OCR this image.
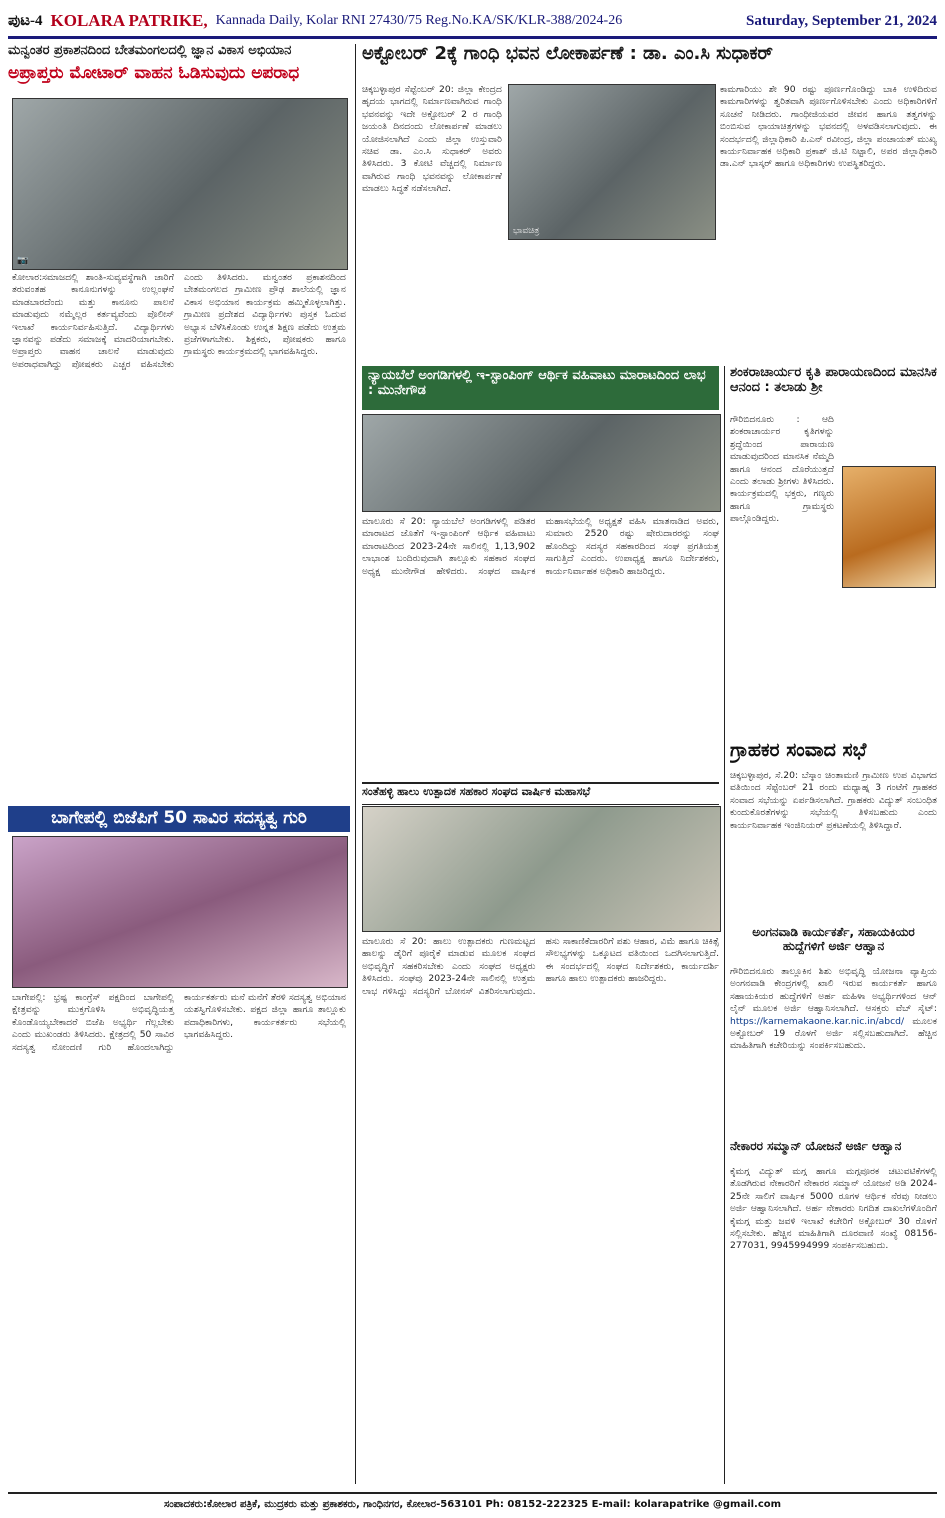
ಪುಟ-4 KOLARA PATRIKE, Kannada Daily, Kolar RNI 27430/75 Reg.No.KA/SK/KLR-388/2024-26	Saturday, September 21, 2024
ಮನ್ವಂತರ ಪ್ರಕಾಶನದಿಂದ ಬೇತಮಂಗಲದಲ್ಲಿ ಜ್ಞಾನ ವಿಕಾಸ ಅಭಿಯಾನ
ಅಪ್ರಾಪ್ತರು ಮೋಟಾರ್ ವಾಹನ ಓಡಿಸುವುದು ಅಪರಾಧ
📷
ಕೋಲಾರ:ಸಮಾಜದಲ್ಲಿ ಶಾಂತಿ-ಸುವ್ಯವಸ್ಥೆಗಾಗಿ ಜಾರಿಗೆ ತರುವಂತಹ ಕಾನೂನುಗಳನ್ನು ಉಲ್ಲಂಘನೆ ಮಾಡಬಾರದೆಂದು ಮತ್ತು ಕಾನೂನು ಪಾಲನೆ ಮಾಡುವುದು ನಮ್ಮೆಲ್ಲರ ಕರ್ತವ್ಯವೆಂದು ಪೊಲೀಸ್ ಇಲಾಖೆ ಕಾರ್ಯನಿರ್ವಹಿಸುತ್ತಿದೆ. ವಿದ್ಯಾರ್ಥಿಗಳು ಜ್ಞಾನವನ್ನು ಪಡೆದು ಸಮಾಜಕ್ಕೆ ಮಾದರಿಯಾಗಬೇಕು. ಅಪ್ರಾಪ್ತರು ವಾಹನ ಚಾಲನೆ ಮಾಡುವುದು ಅಪರಾಧವಾಗಿದ್ದು ಪೋಷಕರು ಎಚ್ಚರ ವಹಿಸಬೇಕು ಎಂದು ತಿಳಿಸಿದರು. ಮನ್ವಂತರ ಪ್ರಕಾಶನದಿಂದ ಬೇತಮಂಗಲದ ಗ್ರಾಮೀಣ ಪ್ರೌಢ ಶಾಲೆಯಲ್ಲಿ ಜ್ಞಾನ ವಿಕಾಸ ಅಭಿಯಾನ ಕಾರ್ಯಕ್ರಮ ಹಮ್ಮಿಕೊಳ್ಳಲಾಗಿತ್ತು. ಗ್ರಾಮೀಣ ಪ್ರದೇಶದ ವಿದ್ಯಾರ್ಥಿಗಳು ಪುಸ್ತಕ ಓದುವ ಅಭ್ಯಾಸ ಬೆಳೆಸಿಕೊಂಡು ಉನ್ನತ ಶಿಕ್ಷಣ ಪಡೆದು ಉತ್ತಮ ಪ್ರಜೆಗಳಾಗಬೇಕು. ಶಿಕ್ಷಕರು, ಪೋಷಕರು ಹಾಗೂ ಗ್ರಾಮಸ್ಥರು ಕಾರ್ಯಕ್ರಮದಲ್ಲಿ ಭಾಗವಹಿಸಿದ್ದರು.
ಬಾಗೇಪಲ್ಲಿ ಬಿಜೆಪಿಗೆ 50 ಸಾವಿರ ಸದಸ್ಯತ್ವ ಗುರಿ
ಬಾಗೇಪಲ್ಲಿ: ಭ್ರಷ್ಟ ಕಾಂಗ್ರೆಸ್ ಪಕ್ಷದಿಂದ ಬಾಗೇಪಲ್ಲಿ ಕ್ಷೇತ್ರವನ್ನು ಮುಕ್ತಗೊಳಿಸಿ ಅಭಿವೃದ್ಧಿಯತ್ತ ಕೊಂಡೊಯ್ಯಬೇಕಾದರೆ ಬಿಜೆಪಿ ಅಭ್ಯರ್ಥಿ ಗೆಲ್ಲಬೇಕು ಎಂದು ಮುಖಂಡರು ತಿಳಿಸಿದರು. ಕ್ಷೇತ್ರದಲ್ಲಿ 50 ಸಾವಿರ ಸದಸ್ಯತ್ವ ನೋಂದಣಿ ಗುರಿ ಹೊಂದಲಾಗಿದ್ದು ಕಾರ್ಯಕರ್ತರು ಮನೆ ಮನೆಗೆ ತೆರಳಿ ಸದಸ್ಯತ್ವ ಅಭಿಯಾನ ಯಶಸ್ವಿಗೊಳಿಸಬೇಕು. ಪಕ್ಷದ ಜಿಲ್ಲಾ ಹಾಗೂ ತಾಲ್ಲೂಕು ಪದಾಧಿಕಾರಿಗಳು, ಕಾರ್ಯಕರ್ತರು ಸಭೆಯಲ್ಲಿ ಭಾಗವಹಿಸಿದ್ದರು.
ಅಕ್ಟೋಬರ್ 2ಕ್ಕೆ ಗಾಂಧಿ ಭವನ ಲೋಕಾರ್ಪಣೆ : ಡಾ. ಎಂ.ಸಿ ಸುಧಾಕರ್
ಚಿಕ್ಕಬಳ್ಳಾಪುರ ಸೆಪ್ಟೆಂಬರ್ 20: ಜಿಲ್ಲಾ ಕೇಂದ್ರದ ಹೃದಯ ಭಾಗದಲ್ಲಿ ನಿರ್ಮಾಣವಾಗಿರುವ ಗಾಂಧಿ ಭವನವನ್ನು ಇದೇ ಅಕ್ಟೋಬರ್ 2 ರ ಗಾಂಧಿ ಜಯಂತಿ ದಿನದಂದು ಲೋಕಾರ್ಪಣೆ ಮಾಡಲು ಯೋಜಿಸಲಾಗಿದೆ ಎಂದು ಜಿಲ್ಲಾ ಉಸ್ತುವಾರಿ ಸಚಿವ ಡಾ. ಎಂ.ಸಿ ಸುಧಾಕರ್ ಅವರು ತಿಳಿಸಿದರು. 3 ಕೋಟಿ ವೆಚ್ಚದಲ್ಲಿ ನಿರ್ಮಾಣ ವಾಗಿರುವ ಗಾಂಧಿ ಭವನವನ್ನು ಲೋಕಾರ್ಪಣೆ ಮಾಡಲು ಸಿದ್ಧತೆ ನಡೆಸಲಾಗಿದೆ.
ಭಾವಚಿತ್ರ
ಕಾಮಗಾರಿಯು ಶೇ 90 ರಷ್ಟು ಪೂರ್ಣಗೊಂಡಿದ್ದು ಬಾಕಿ ಉಳಿದಿರುವ ಕಾಮಗಾರಿಗಳನ್ನು ತ್ವರಿತವಾಗಿ ಪೂರ್ಣಗೊಳಿಸಬೇಕು ಎಂದು ಅಧಿಕಾರಿಗಳಿಗೆ ಸೂಚನೆ ನೀಡಿದರು. ಗಾಂಧೀಜಿಯವರ ಜೀವನ ಹಾಗೂ ತತ್ವಗಳನ್ನು ಬಿಂಬಿಸುವ ಛಾಯಾಚಿತ್ರಗಳನ್ನು ಭವನದಲ್ಲಿ ಅಳವಡಿಸಲಾಗುವುದು. ಈ ಸಂದರ್ಭದಲ್ಲಿ ಜಿಲ್ಲಾಧಿಕಾರಿ ಪಿ.ಎನ್ ರವೀಂದ್ರ, ಜಿಲ್ಲಾ ಪಂಚಾಯತ್ ಮುಖ್ಯ ಕಾರ್ಯನಿರ್ವಾಹಕ ಅಧಿಕಾರಿ ಪ್ರಕಾಶ್ ಜಿ.ಟಿ ನಿಟ್ಟಾಲಿ, ಅಪರ ಜಿಲ್ಲಾಧಿಕಾರಿ ಡಾ.ಎನ್ ಭಾಸ್ಕರ್ ಹಾಗೂ ಅಧಿಕಾರಿಗಳು ಉಪಸ್ಥಿತರಿದ್ದರು.
ನ್ಯಾಯಬೆಲೆ ಅಂಗಡಿಗಳಲ್ಲಿ ಇ-ಸ್ಟಾಂಪಿಂಗ್ ಆರ್ಥಿಕ ವಹಿವಾಟು ಮಾರಾಟದಿಂದ ಲಾಭ : ಮುನೇಗೌಡ
ಮಾಲೂರು ಸೆ 20: ನ್ಯಾಯಬೆಲೆ ಅಂಗಡಿಗಳಲ್ಲಿ ಪಡಿತರ ಮಾರಾಟದ ಜೊತೆಗೆ ಇ-ಸ್ಟಾಂಪಿಂಗ್ ಆರ್ಥಿಕ ವಹಿವಾಟು ಮಾರಾಟದಿಂದ 2023-24ನೇ ಸಾಲಿನಲ್ಲಿ 1,13,902 ಲಾಭಾಂಶ ಬಂದಿರುವುದಾಗಿ ತಾಲ್ಲೂಕು ಸಹಕಾರ ಸಂಘದ ಅಧ್ಯಕ್ಷ ಮುನೇಗೌಡ ಹೇಳಿದರು. ಸಂಘದ ವಾರ್ಷಿಕ ಮಹಾಸಭೆಯಲ್ಲಿ ಅಧ್ಯಕ್ಷತೆ ವಹಿಸಿ ಮಾತನಾಡಿದ ಅವರು, ಸುಮಾರು 2520 ರಷ್ಟು ಷೇರುದಾರರನ್ನು ಸಂಘ ಹೊಂದಿದ್ದು ಸದಸ್ಯರ ಸಹಕಾರದಿಂದ ಸಂಘ ಪ್ರಗತಿಯತ್ತ ಸಾಗುತ್ತಿದೆ ಎಂದರು. ಉಪಾಧ್ಯಕ್ಷ ಹಾಗೂ ನಿರ್ದೇಶಕರು, ಕಾರ್ಯನಿರ್ವಾಹಕ ಅಧಿಕಾರಿ ಹಾಜರಿದ್ದರು.
ಸಂತೆಹಳ್ಳಿ ಹಾಲು ಉತ್ಪಾದಕ ಸಹಕಾರ ಸಂಘದ ವಾರ್ಷಿಕ ಮಹಾಸಭೆ
ಮಾಲೂರು ಸೆ 20: ಹಾಲು ಉತ್ಪಾದಕರು ಗುಣಮಟ್ಟದ ಹಾಲನ್ನು ಡೈರಿಗೆ ಪೂರೈಕೆ ಮಾಡುವ ಮೂಲಕ ಸಂಘದ ಅಭಿವೃದ್ಧಿಗೆ ಸಹಕರಿಸಬೇಕು ಎಂದು ಸಂಘದ ಅಧ್ಯಕ್ಷರು ತಿಳಿಸಿದರು. ಸಂಘವು 2023-24ನೇ ಸಾಲಿನಲ್ಲಿ ಉತ್ತಮ ಲಾಭ ಗಳಿಸಿದ್ದು ಸದಸ್ಯರಿಗೆ ಬೋನಸ್ ವಿತರಿಸಲಾಗುವುದು. ಹಸು ಸಾಕಾಣಿಕೆದಾರರಿಗೆ ಪಶು ಆಹಾರ, ವಿಮೆ ಹಾಗೂ ಚಿಕಿತ್ಸೆ ಸೌಲಭ್ಯಗಳನ್ನು ಒಕ್ಕೂಟದ ವತಿಯಿಂದ ಒದಗಿಸಲಾಗುತ್ತಿದೆ. ಈ ಸಂದರ್ಭದಲ್ಲಿ ಸಂಘದ ನಿರ್ದೇಶಕರು, ಕಾರ್ಯದರ್ಶಿ ಹಾಗೂ ಹಾಲು ಉತ್ಪಾದಕರು ಹಾಜರಿದ್ದರು.
ಶಂಕರಾಚಾರ್ಯರ ಕೃತಿ ಪಾರಾಯಣದಿಂದ ಮಾನಸಿಕ ಆನಂದ : ತಲಾಡು ಶ್ರೀ
ಗೌರಿಬಿದನೂರು : ಆದಿ ಶಂಕರಾಚಾರ್ಯರ ಕೃತಿಗಳನ್ನು ಶ್ರದ್ಧೆಯಿಂದ ಪಾರಾಯಣ ಮಾಡುವುದರಿಂದ ಮಾನಸಿಕ ನೆಮ್ಮದಿ ಹಾಗೂ ಆನಂದ ದೊರೆಯುತ್ತದೆ ಎಂದು ತಲಾಡು ಶ್ರೀಗಳು ತಿಳಿಸಿದರು. ಕಾರ್ಯಕ್ರಮದಲ್ಲಿ ಭಕ್ತರು, ಗಣ್ಯರು ಹಾಗೂ ಗ್ರಾಮಸ್ಥರು ಪಾಲ್ಗೊಂಡಿದ್ದರು.
ಗ್ರಾಹಕರ ಸಂವಾದ ಸಭೆ
ಚಿಕ್ಕಬಳ್ಳಾಪುರ, ಸೆ.20: ಬೆಸ್ಕಾಂ ಚಿಂತಾಮಣಿ ಗ್ರಾಮೀಣ ಉಪ ವಿಭಾಗದ ವತಿಯಿಂದ ಸೆಪ್ಟೆಂಬರ್ 21 ರಂದು ಮಧ್ಯಾಹ್ನ 3 ಗಂಟೆಗೆ ಗ್ರಾಹಕರ ಸಂವಾದ ಸಭೆಯನ್ನು ಏರ್ಪಡಿಸಲಾಗಿದೆ. ಗ್ರಾಹಕರು ವಿದ್ಯುತ್ ಸಂಬಂಧಿತ ಕುಂದುಕೊರತೆಗಳನ್ನು ಸಭೆಯಲ್ಲಿ ತಿಳಿಸಬಹುದು ಎಂದು ಕಾರ್ಯನಿರ್ವಾಹಕ ಇಂಜಿನಿಯರ್ ಪ್ರಕಟಣೆಯಲ್ಲಿ ತಿಳಿಸಿದ್ದಾರೆ.
ಅಂಗನವಾಡಿ ಕಾರ್ಯಕರ್ತೆ, ಸಹಾಯಕಿಯರ ಹುದ್ದೆಗಳಿಗೆ ಅರ್ಜಿ ಆಹ್ವಾನ
ಗೌರಿಬಿದನೂರು ತಾಲ್ಲೂಕಿನ ಶಿಶು ಅಭಿವೃದ್ಧಿ ಯೋಜನಾ ವ್ಯಾಪ್ತಿಯ ಅಂಗನವಾಡಿ ಕೇಂದ್ರಗಳಲ್ಲಿ ಖಾಲಿ ಇರುವ ಕಾರ್ಯಕರ್ತೆ ಹಾಗೂ ಸಹಾಯಕಿಯರ ಹುದ್ದೆಗಳಿಗೆ ಅರ್ಹ ಮಹಿಳಾ ಅಭ್ಯರ್ಥಿಗಳಿಂದ ಆನ್ ಲೈನ್ ಮೂಲಕ ಅರ್ಜಿ ಆಹ್ವಾನಿಸಲಾಗಿದೆ. ಆಸಕ್ತರು ವೆಬ್ ಸೈಟ್: https://karnemakaone.kar.nic.in/abcd/ ಮೂಲಕ ಅಕ್ಟೋಬರ್ 19 ರೊಳಗೆ ಅರ್ಜಿ ಸಲ್ಲಿಸಬಹುದಾಗಿದೆ. ಹೆಚ್ಚಿನ ಮಾಹಿತಿಗಾಗಿ ಕಚೇರಿಯನ್ನು ಸಂಪರ್ಕಿಸಬಹುದು.
ನೇಕಾರರ ಸಮ್ಮಾನ್ ಯೋಜನೆ ಅರ್ಜಿ ಆಹ್ವಾನ
ಕೈಮಗ್ಗ ವಿದ್ಯುತ್ ಮಗ್ಗ ಹಾಗೂ ಮಗ್ಗಪೂರಕ ಚಟುವಟಿಕೆಗಳಲ್ಲಿ ತೊಡಗಿರುವ ನೇಕಾರರಿಗೆ ನೇಕಾರರ ಸಮ್ಮಾನ್ ಯೋಜನೆ ಅಡಿ 2024-25ನೇ ಸಾಲಿಗೆ ವಾರ್ಷಿಕ 5000 ರೂಗಳ ಆರ್ಥಿಕ ನೆರವು ನೀಡಲು ಅರ್ಜಿ ಆಹ್ವಾನಿಸಲಾಗಿದೆ. ಅರ್ಹ ನೇಕಾರರು ನಿಗದಿತ ದಾಖಲೆಗಳೊಂದಿಗೆ ಕೈಮಗ್ಗ ಮತ್ತು ಜವಳಿ ಇಲಾಖೆ ಕಚೇರಿಗೆ ಅಕ್ಟೋಬರ್ 30 ರೊಳಗೆ ಸಲ್ಲಿಸಬೇಕು. ಹೆಚ್ಚಿನ ಮಾಹಿತಿಗಾಗಿ ದೂರವಾಣಿ ಸಂಖ್ಯೆ 08156-277031, 9945994999 ಸಂಪರ್ಕಿಸಬಹುದು.
ಸಂಪಾದಕರು:ಕೋಲಾರ ಪತ್ರಿಕೆ, ಮುದ್ರಕರು ಮತ್ತು ಪ್ರಕಾಶಕರು, ಗಾಂಧಿನಗರ, ಕೋಲಾರ-563101 Ph: 08152-222325 E-mail: kolarapatrike @gmail.com
